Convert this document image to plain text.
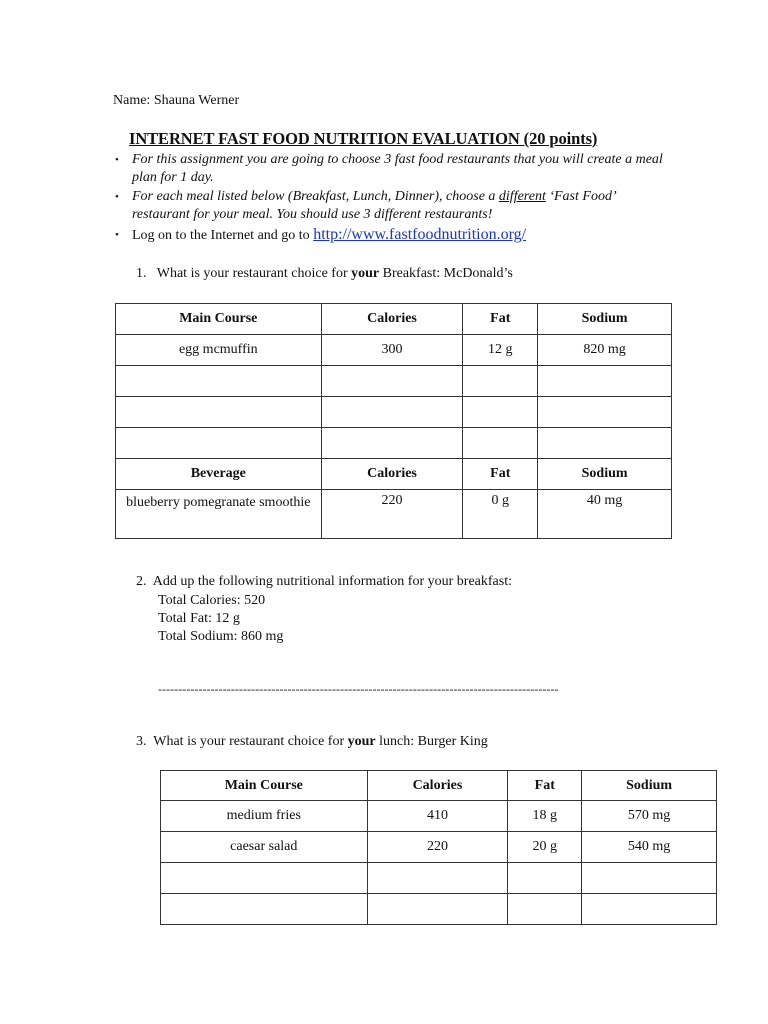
Name: Shauna Werner
INTERNET FAST FOOD NUTRITION EVALUATION (20 points)
• For this assignment you are going to choose 3 fast food restaurants that you will create a meal plan for 1 day.
• For each meal listed below (Breakfast, Lunch, Dinner), choose a different ‘Fast Food’ restaurant for your meal. You should use 3 different restaurants!
• Log on to the Internet and go to http://www.fastfoodnutrition.org/
1. What is your restaurant choice for your Breakfast: McDonald’s
Main Course	Calories	Fat	Sodium
egg mcmuffin	300	12 g	820 mg

Beverage	Calories	Fat	Sodium
blueberry pomegranate smoothie	220	0 g	40 mg
2. Add up the following nutritional information for your breakfast:
Total Calories: 520
Total Fat: 12 g
Total Sodium: 860 mg
---------------------------------------------------------------------------------------------------
3. What is your restaurant choice for your lunch: Burger King
Main Course	Calories	Fat	Sodium
medium fries	410	18 g	570 mg
caesar salad	220	20 g	540 mg
